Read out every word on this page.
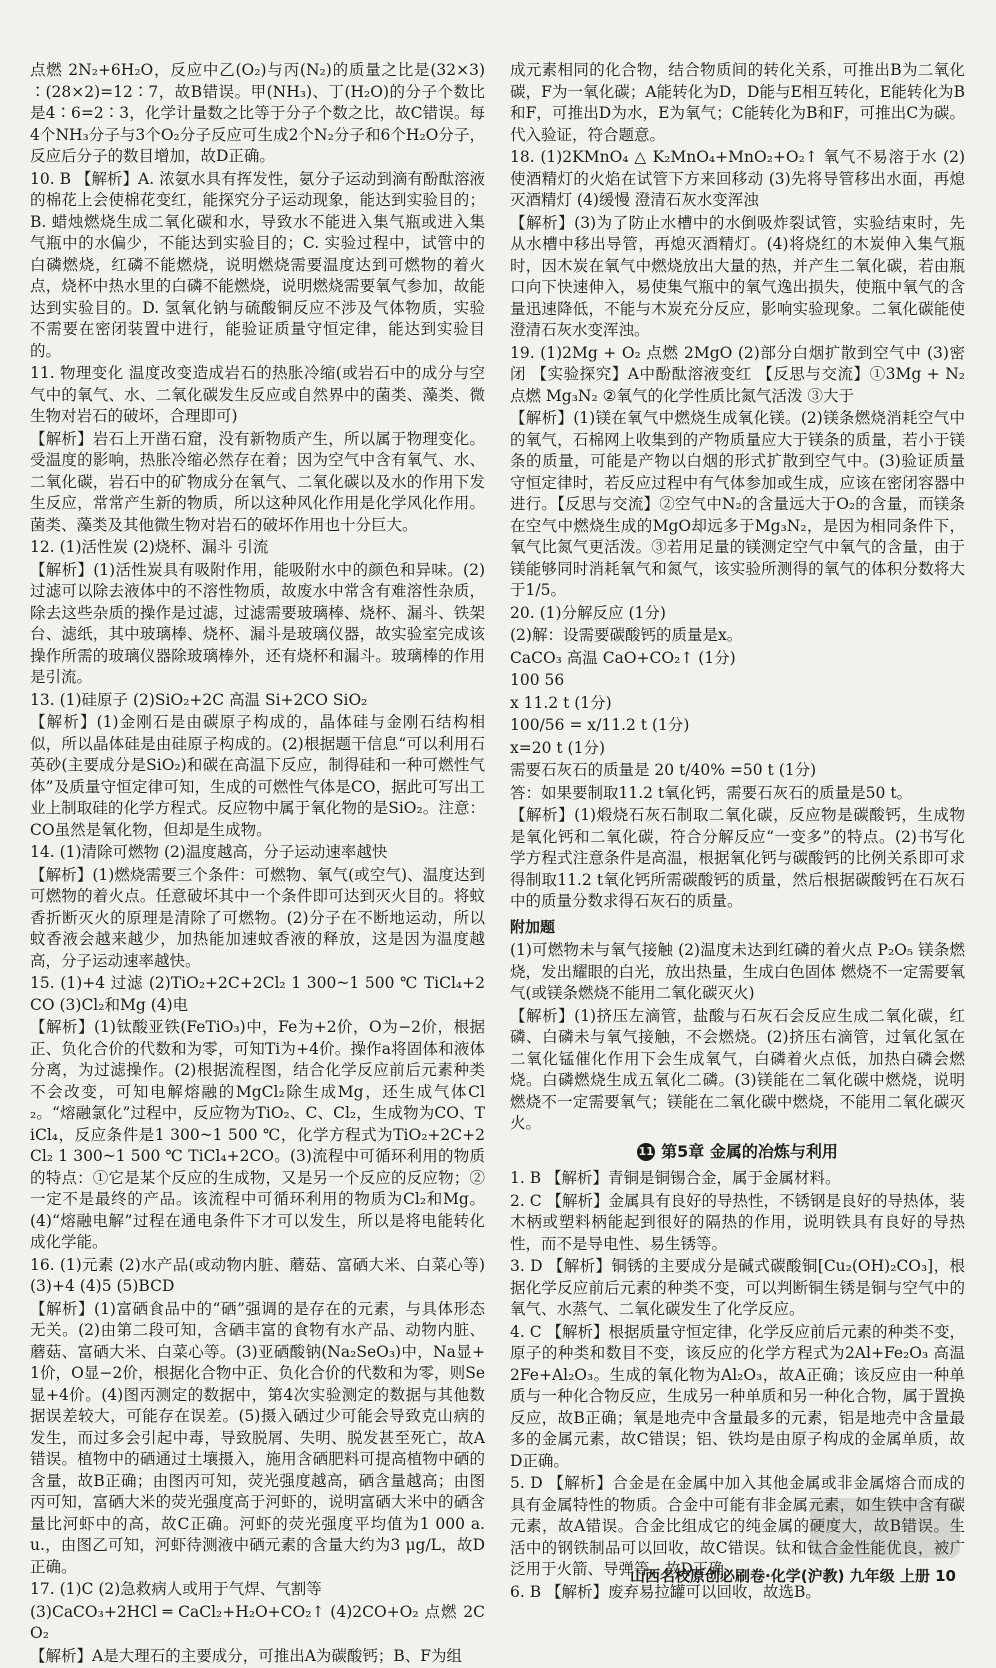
点燃 2N₂+6H₂O，反应中乙(O₂)与丙(N₂)的质量之比是(32×3)∶(28×2)=12∶7，故B错误。甲(NH₃)、丁(H₂O)的分子个数比是4∶6=2∶3，化学计量数之比等于分子个数之比，故C错误。每4个NH₃分子与3个O₂分子反应可生成2个N₂分子和6个H₂O分子，反应后分子的数目增加，故D正确。

10. B 【解析】A. 浓氨水具有挥发性，氨分子运动到滴有酚酞溶液的棉花上会使棉花变红，能探究分子运动现象，能达到实验目的；B. 蜡烛燃烧生成二氧化碳和水，导致水不能进入集气瓶或进入集气瓶中的水偏少，不能达到实验目的；C. 实验过程中，试管中的白磷燃烧，红磷不能燃烧，说明燃烧需要温度达到可燃物的着火点，烧杯中热水里的白磷不能燃烧，说明燃烧需要氧气参加，故能达到实验目的。D. 氢氧化钠与硫酸铜反应不涉及气体物质，实验不需要在密闭装置中进行，能验证质量守恒定律，能达到实验目的。

11. 物理变化 温度改变造成岩石的热胀冷缩(或岩石中的成分与空气中的氧气、水、二氧化碳发生反应或自然界中的菌类、藻类、微生物对岩石的破坏，合理即可)

【解析】岩石上开凿石窟，没有新物质产生，所以属于物理变化。受温度的影响，热胀冷缩必然存在着；因为空气中含有氧气、水、二氧化碳，岩石中的矿物成分在氧气、二氧化碳以及水的作用下发生反应，常常产生新的物质，所以这种风化作用是化学风化作用。菌类、藻类及其他微生物对岩石的破坏作用也十分巨大。

12. (1)活性炭 (2)烧杯、漏斗 引流

【解析】(1)活性炭具有吸附作用，能吸附水中的颜色和异味。(2)过滤可以除去液体中的不溶性物质，故废水中常含有难溶性杂质，除去这些杂质的操作是过滤，过滤需要玻璃棒、烧杯、漏斗、铁架台、滤纸，其中玻璃棒、烧杯、漏斗是玻璃仪器，故实验室完成该操作所需的玻璃仪器除玻璃棒外，还有烧杯和漏斗。玻璃棒的作用是引流。

13. (1)硅原子 (2)SiO₂+2C 高温 Si+2CO SiO₂

【解析】(1)金刚石是由碳原子构成的，晶体硅与金刚石结构相似，所以晶体硅是由硅原子构成的。(2)根据题干信息“可以利用石英砂(主要成分是SiO₂)和碳在高温下反应，制得硅和一种可燃性气体”及质量守恒定律可知，生成的可燃性气体是CO，据此可写出工业上制取硅的化学方程式。反应物中属于氧化物的是SiO₂。注意：CO虽然是氧化物，但却是生成物。

14. (1)清除可燃物 (2)温度越高，分子运动速率越快

【解析】(1)燃烧需要三个条件：可燃物、氧气(或空气)、温度达到可燃物的着火点。任意破坏其中一个条件即可达到灭火目的。将蚊香折断灭火的原理是清除了可燃物。(2)分子在不断地运动，所以蚊香液会越来越少，加热能加速蚊香液的释放，这是因为温度越高，分子运动速率越快。

15. (1)+4 过滤 (2)TiO₂+2C+2Cl₂ 1 300~1 500 ℃ TiCl₄+2CO (3)Cl₂和Mg (4)电

【解析】(1)钛酸亚铁(FeTiO₃)中，Fe为+2价，O为−2价，根据正、负化合价的代数和为零，可知Ti为+4价。操作a将固体和液体分离，为过滤操作。(2)根据流程图，结合化学反应前后元素种类不会改变，可知电解熔融的MgCl₂除生成Mg，还生成气体Cl₂。“熔融氯化”过程中，反应物为TiO₂、C、Cl₂，生成物为CO、TiCl₄，反应条件是1 300~1 500 ℃，化学方程式为TiO₂+2C+2Cl₂ 1 300~1 500 ℃ TiCl₄+2CO。(3)流程中可循环利用的物质的特点：①它是某个反应的生成物，又是另一个反应的反应物；②一定不是最终的产品。该流程中可循环利用的物质为Cl₂和Mg。(4)“熔融电解”过程在通电条件下才可以发生，所以是将电能转化成化学能。

16. (1)元素 (2)水产品(或动物内脏、蘑菇、富硒大米、白菜心等) (3)+4 (4)5 (5)BCD

【解析】(1)富硒食品中的“硒”强调的是存在的元素，与具体形态无关。(2)由第二段可知，含硒丰富的食物有水产品、动物内脏、蘑菇、富硒大米、白菜心等。(3)亚硒酸钠(Na₂SeO₃)中，Na显+1价，O显−2价，根据化合物中正、负化合价的代数和为零，则Se显+4价。(4)图丙测定的数据中，第4次实验测定的数据与其他数据误差较大，可能存在误差。(5)摄入硒过少可能会导致克山病的发生，而过多会引起中毒，导致脱屑、失明、脱发甚至死亡，故A错误。植物中的硒通过土壤摄入，施用含硒肥料可提高植物中硒的含量，故B正确；由图丙可知，荧光强度越高，硒含量越高；由图丙可知，富硒大米的荧光强度高于河虾的，说明富硒大米中的硒含量比河虾中的高，故C正确。河虾的荧光强度平均值为1 000 a.u.，由图乙可知，河虾待测液中硒元素的含量大约为3 μg/L，故D正确。

17. (1)C (2)急救病人或用于气焊、气割等

(3)CaCO₃+2HCl ═ CaCl₂+H₂O+CO₂↑ (4)2CO+O₂ 点燃 2CO₂

【解析】A是大理石的主要成分，可推出A为碳酸钙；B、F为组

成元素相同的化合物，结合物质间的转化关系，可推出B为二氧化碳，F为一氧化碳；A能转化为D，D能与E相互转化，E能转化为B和F，可推出D为水，E为氧气；C能转化为B和F，可推出C为碳。代入验证，符合题意。

18. (1)2KMnO₄ △ K₂MnO₄+MnO₂+O₂↑ 氧气不易溶于水 (2)使酒精灯的火焰在试管下方来回移动 (3)先将导管移出水面，再熄灭酒精灯 (4)缓慢 澄清石灰水变浑浊

【解析】(3)为了防止水槽中的水倒吸炸裂试管，实验结束时，先从水槽中移出导管，再熄灭酒精灯。(4)将烧红的木炭伸入集气瓶时，因木炭在氧气中燃烧放出大量的热，并产生二氧化碳，若由瓶口向下快速伸入，易使集气瓶中的氧气逸出损失，使瓶中氧气的含量迅速降低，不能与木炭充分反应，影响实验现象。二氧化碳能使澄清石灰水变浑浊。

19. (1)2Mg + O₂ 点燃 2MgO (2)部分白烟扩散到空气中 (3)密闭 【实验探究】A中酚酞溶液变红 【反思与交流】①3Mg + N₂ 点燃 Mg₃N₂ ②氧气的化学性质比氮气活泼 ③大于

【解析】(1)镁在氧气中燃烧生成氧化镁。(2)镁条燃烧消耗空气中的氧气，石棉网上收集到的产物质量应大于镁条的质量，若小于镁条的质量，可能是产物以白烟的形式扩散到空气中。(3)验证质量守恒定律时，若反应过程中有气体参加或生成，应该在密闭容器中进行。【反思与交流】②空气中N₂的含量远大于O₂的含量，而镁条在空气中燃烧生成的MgO却远多于Mg₃N₂，是因为相同条件下，氧气比氮气更活泼。③若用足量的镁测定空气中氧气的含量，由于镁能够同时消耗氧气和氮气，该实验所测得的氧气的体积分数将大于1/5。

20. (1)分解反应 (1分)

(2)解：设需要碳酸钙的质量是x。

CaCO₃ 高温 CaO+CO₂↑ (1分)

100 56

x 11.2 t (1分)

100/56 = x/11.2 t (1分)

x=20 t (1分)

需要石灰石的质量是 20 t/40% =50 t (1分)

答：如果要制取11.2 t氧化钙，需要石灰石的质量是50 t。

【解析】(1)煅烧石灰石制取二氧化碳，反应物是碳酸钙，生成物是氧化钙和二氧化碳，符合分解反应“一变多”的特点。(2)书写化学方程式注意条件是高温，根据氧化钙与碳酸钙的比例关系即可求得制取11.2 t氧化钙所需碳酸钙的质量，然后根据碳酸钙在石灰石中的质量分数求得石灰石的质量。

附加题

(1)可燃物未与氧气接触 (2)温度未达到红磷的着火点 P₂O₅ 镁条燃烧，发出耀眼的白光，放出热量，生成白色固体 燃烧不一定需要氧气(或镁条燃烧不能用二氧化碳灭火)

【解析】(1)挤压左滴管，盐酸与石灰石会反应生成二氧化碳，红磷、白磷未与氧气接触，不会燃烧。(2)挤压右滴管，过氧化氢在二氧化锰催化作用下会生成氧气，白磷着火点低，加热白磷会燃烧。白磷燃烧生成五氧化二磷。(3)镁能在二氧化碳中燃烧，说明燃烧不一定需要氧气；镁能在二氧化碳中燃烧，不能用二氧化碳灭火。

11 第5章 金属的冶炼与利用

1. B 【解析】青铜是铜锡合金，属于金属材料。

2. C 【解析】金属具有良好的导热性，不锈钢是良好的导热体，装木柄或塑料柄能起到很好的隔热的作用，说明铁具有良好的导热性，而不是导电性、易生锈等。

3. D 【解析】铜锈的主要成分是碱式碳酸铜[Cu₂(OH)₂CO₃]，根据化学反应前后元素的种类不变，可以判断铜生锈是铜与空气中的氧气、水蒸气、二氧化碳发生了化学反应。

4. C 【解析】根据质量守恒定律，化学反应前后元素的种类不变，原子的种类和数目不变，该反应的化学方程式为2Al+Fe₂O₃ 高温 2Fe+Al₂O₃。生成的氧化物为Al₂O₃，故A正确；该反应由一种单质与一种化合物反应，生成另一种单质和另一种化合物，属于置换反应，故B正确；氧是地壳中含量最多的元素，铝是地壳中含量最多的金属元素，故C错误；铝、铁均是由原子构成的金属单质，故D正确。

5. D 【解析】合金是在金属中加入其他金属或非金属熔合而成的具有金属特性的物质。合金中可能有非金属元素，如生铁中含有碳元素，故A错误。合金比组成它的纯金属的硬度大，故B错误。生活中的钢铁制品可以回收，故C错误。钛和钛合金性能优良，被广泛用于火箭、导弹等，故D正确。

6. B 【解析】废弃易拉罐可以回收，故选B。

山西名校原创必刷卷·化学(沪教) 九年级 上册 10
